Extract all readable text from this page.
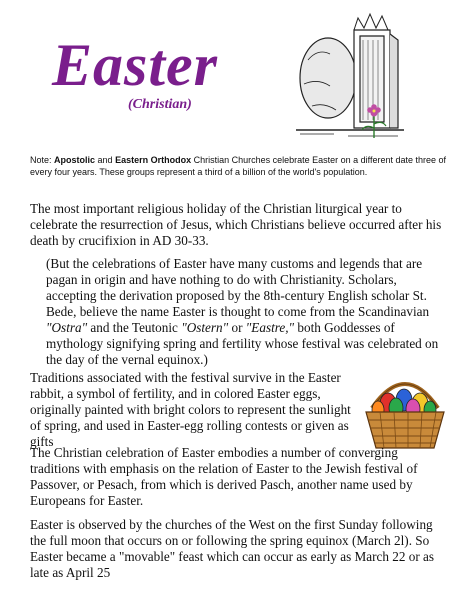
Easter
(Christian)
Note: Apostolic and Eastern Orthodox Christian Churches celebrate Easter on a different date three of every four years. These groups represent a third of a billion of the world's population.

The most important religious holiday of the Christian liturgical year to celebrate the resurrection of Jesus, which Christians believe occurred after his death by crucifixion in AD 30-33.

(But the celebrations of Easter have many customs and legends that are pagan in origin and have nothing to do with Christianity. Scholars, accepting the derivation proposed by the 8th-century English scholar St. Bede, believe the name Easter is thought to come from the Scandinavian "Ostra" and the Teutonic "Ostern" or "Eastre," both Goddesses of mythology signifying spring and fertility whose festival was celebrated on the day of the vernal equinox.)

Traditions associated with the festival survive in the Easter rabbit, a symbol of fertility, and in colored Easter eggs, originally painted with bright colors to represent the sunlight of spring, and used in Easter-egg rolling contests or given as gifts

The Christian celebration of Easter embodies a number of converging traditions with emphasis on the relation of Easter to the Jewish festival of Passover, or Pesach, from which is derived Pasch, another name used by Europeans for Easter.

Easter is observed by the churches of the West on the first Sunday following the full moon that occurs on or following the spring equinox (March 2l). So Easter became a "movable" feast which can occur as early as March 22 or as late as April 25
